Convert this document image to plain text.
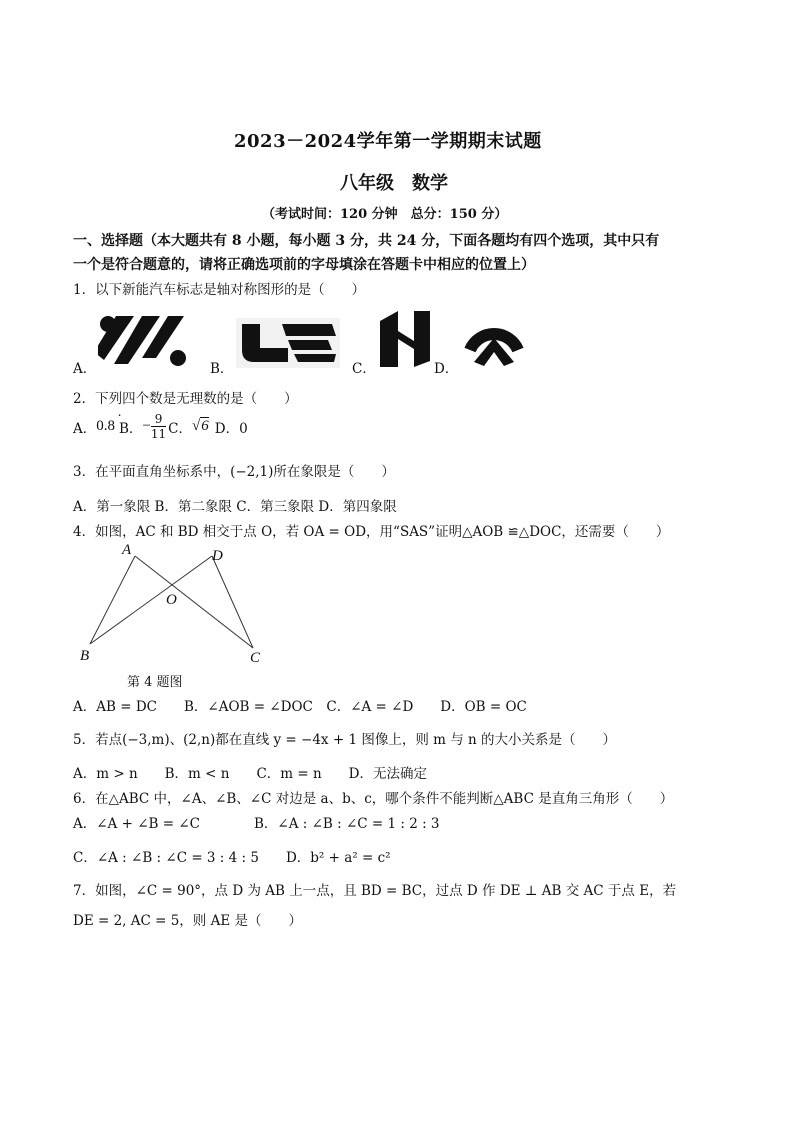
2023－2024学年第一学期期末试题
八年级　数学
（考试时间：120 分钟　总分：150 分）
一、选择题（本大题共有 8 小题，每小题 3 分，共 24 分，下面各题均有四个选项，其中只有
一个是符合题意的，请将正确选项前的字母填涂在答题卡中相应的位置上）
1．以下新能汽车标志是轴对称图形的是（　　）
A．	B．	C．	D．
2．下列四个数是无理数的是（　　）
A． 0.8
·
B． − $\frac{9}{11}$ C． √6 D．0
3．在平面直角坐标系中，(−2,1)所在象限是（　　）
A．第一象限 B．第二象限 C．第三象限 D．第四象限
4．如图，AC 和 BD 相交于点 O，若 OA = OD，用“SAS”证明△AOB ≌△DOC，还需要（　　）
A	D
O
B	C
第 4 题图
A．AB = DC　　B．∠AOB = ∠DOC　C．∠A = ∠D　　D．OB = OC
5．若点(−3,m)、(2,n)都在直线 y = −4x + 1 图像上，则 m 与 n 的大小关系是（　　）
A．m > n　　B．m < n　　C．m = n　　D．无法确定
6．在△ABC 中，∠A、∠B、∠C 对边是 a、b、c，哪个条件不能判断△ABC 是直角三角形（　　）
A．∠A + ∠B = ∠C　　　　B．∠A : ∠B : ∠C = 1 : 2 : 3
C．∠A : ∠B : ∠C = 3 : 4 : 5　　D．b² + a² = c²
7．如图，∠C = 90°，点 D 为 AB 上一点，且 BD = BC，过点 D 作 DE ⊥ AB 交 AC 于点 E，若
DE = 2, AC = 5，则 AE 是（　　）
